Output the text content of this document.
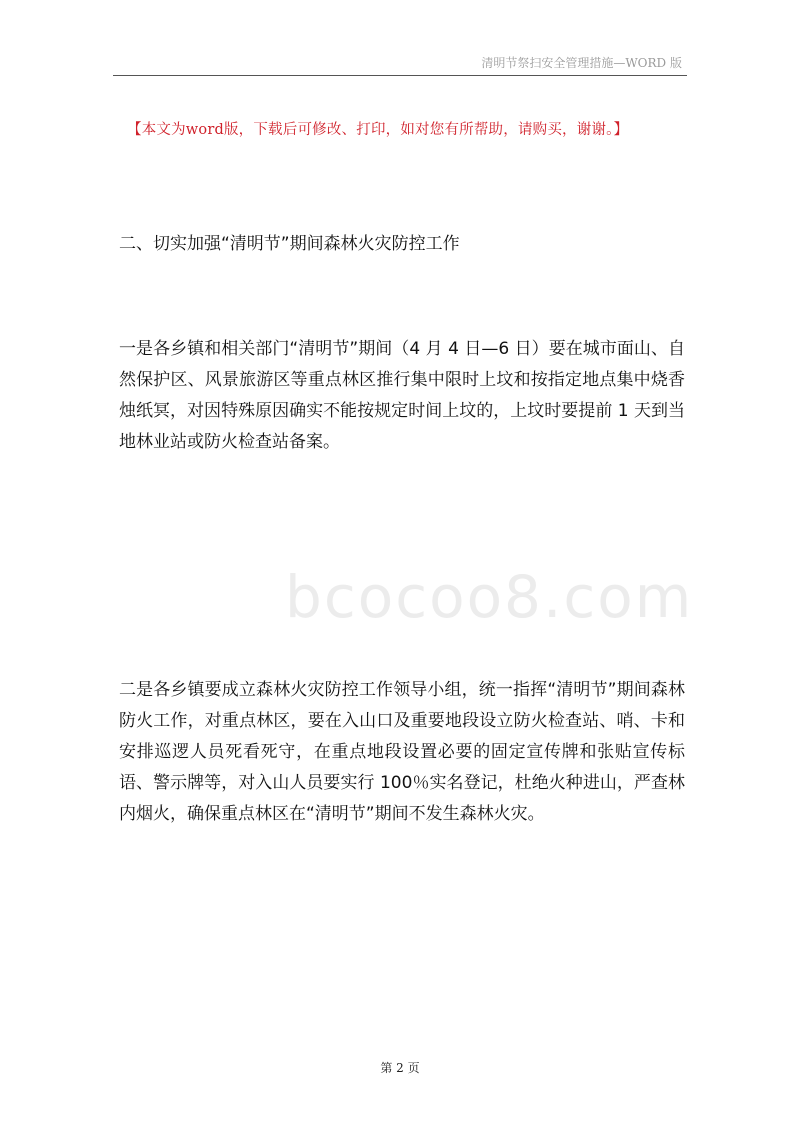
清明节祭扫安全管理措施—WORD 版
bcocoo8.com
【本文为word版，下载后可修改、打印，如对您有所帮助，请购买，谢谢。】
二、切实加强“清明节”期间森林火灾防控工作

一是各乡镇和相关部门“清明节”期间（4 月 4 日—6 日）要在城市面山、自然保护区、风景旅游区等重点林区推行集中限时上坟和按指定地点集中烧香烛纸冥，对因特殊原因确实不能按规定时间上坟的，上坟时要提前 1 天到当地林业站或防火检查站备案。

二是各乡镇要成立森林火灾防控工作领导小组，统一指挥“清明节”期间森林防火工作，对重点林区，要在入山口及重要地段设立防火检查站、哨、卡和安排巡逻人员死看死守，在重点地段设置必要的固定宣传牌和张贴宣传标语、警示牌等，对入山人员要实行 100％实名登记，杜绝火种进山，严查林内烟火，确保重点林区在“清明节”期间不发生森林火灾。

第 2 页
